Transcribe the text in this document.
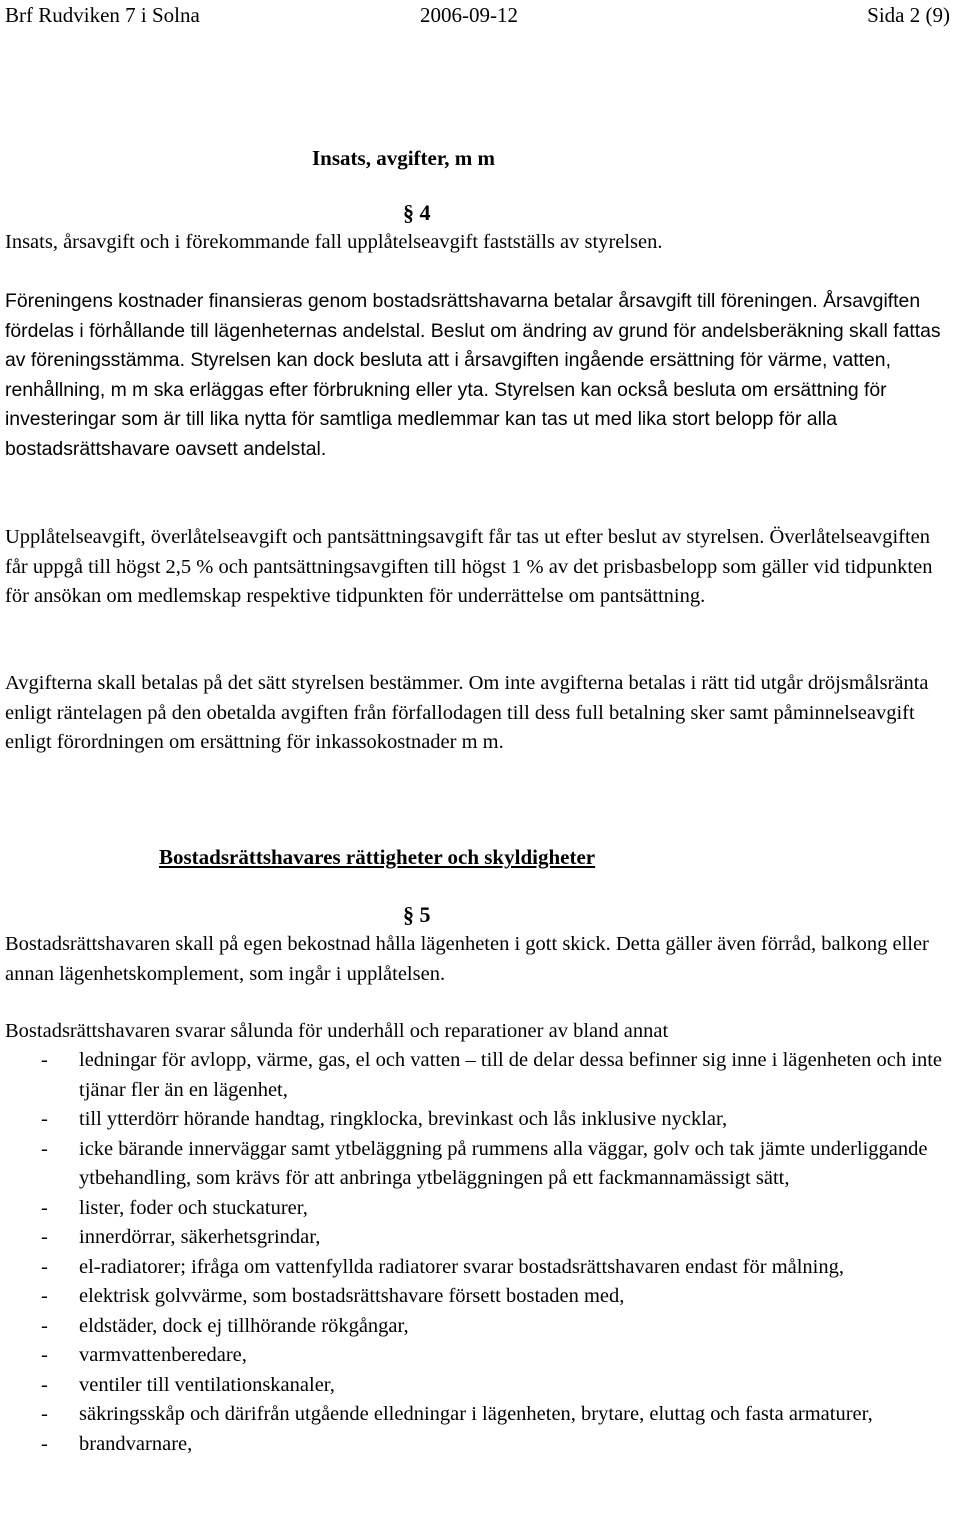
Brf Rudviken 7 i Solna	2006-09-12	Sida 2 (9)
Insats, avgifter, m m
§ 4
Insats, årsavgift och i förekommande fall upplåtelseavgift fastställs av styrelsen.
Föreningens kostnader finansieras genom bostadsrättshavarna betalar årsavgift till föreningen. Årsavgiften fördelas i förhållande till lägenheternas andelstal. Beslut om ändring av grund för andelsberäkning skall fattas av föreningsstämma. Styrelsen kan dock besluta att i årsavgiften ingående ersättning för värme, vatten, renhållning, m m ska erläggas efter förbrukning eller yta. Styrelsen kan också besluta om ersättning för investeringar som är till lika nytta för samtliga medlemmar kan tas ut med lika stort belopp för alla bostadsrättshavare oavsett andelstal.
Upplåtelseavgift, överlåtelseavgift och pantsättningsavgift får tas ut efter beslut av styrelsen. Överlåtelseavgiften får uppgå till högst 2,5 % och pantsättningsavgiften till högst 1 % av det prisbasbelopp som gäller vid tidpunkten för ansökan om medlemskap respektive tidpunkten för underrättelse om pantsättning.
Avgifterna skall betalas på det sätt styrelsen bestämmer. Om inte avgifterna betalas i rätt tid utgår dröjsmålsränta enligt räntelagen på den obetalda avgiften från förfallodagen till dess full betalning sker samt påminnelseavgift enligt förordningen om ersättning för inkassokostnader m m.
Bostadsrättshavares rättigheter och skyldigheter
§ 5
Bostadsrättshavaren skall på egen bekostnad hålla lägenheten i gott skick. Detta gäller även förråd, balkong eller annan lägenhetskomplement, som ingår i upplåtelsen.
Bostadsrättshavaren svarar sålunda för underhåll och reparationer av bland annat
- ledningar för avlopp, värme, gas, el och vatten – till de delar dessa befinner sig inne i lägenheten och inte tjänar fler än en lägenhet,
- till ytterdörr hörande handtag, ringklocka, brevinkast och lås inklusive nycklar,
- icke bärande innerväggar samt ytbeläggning på rummens alla väggar, golv och tak jämte underliggande ytbehandling, som krävs för att anbringa ytbeläggningen på ett fackmannamässigt sätt,
- lister, foder och stuckaturer,
- innerdörrar, säkerhetsgrindar,
- el-radiatorer; ifråga om vattenfyllda radiatorer svarar bostadsrättshavaren endast för målning,
- elektrisk golvvärme, som bostadsrättshavare försett bostaden med,
- eldstäder, dock ej tillhörande rökgångar,
- varmvattenberedare,
- ventiler till ventilationskanaler,
- säkringsskåp och därifrån utgående elledningar i lägenheten, brytare, eluttag och fasta armaturer,
- brandvarnare,
